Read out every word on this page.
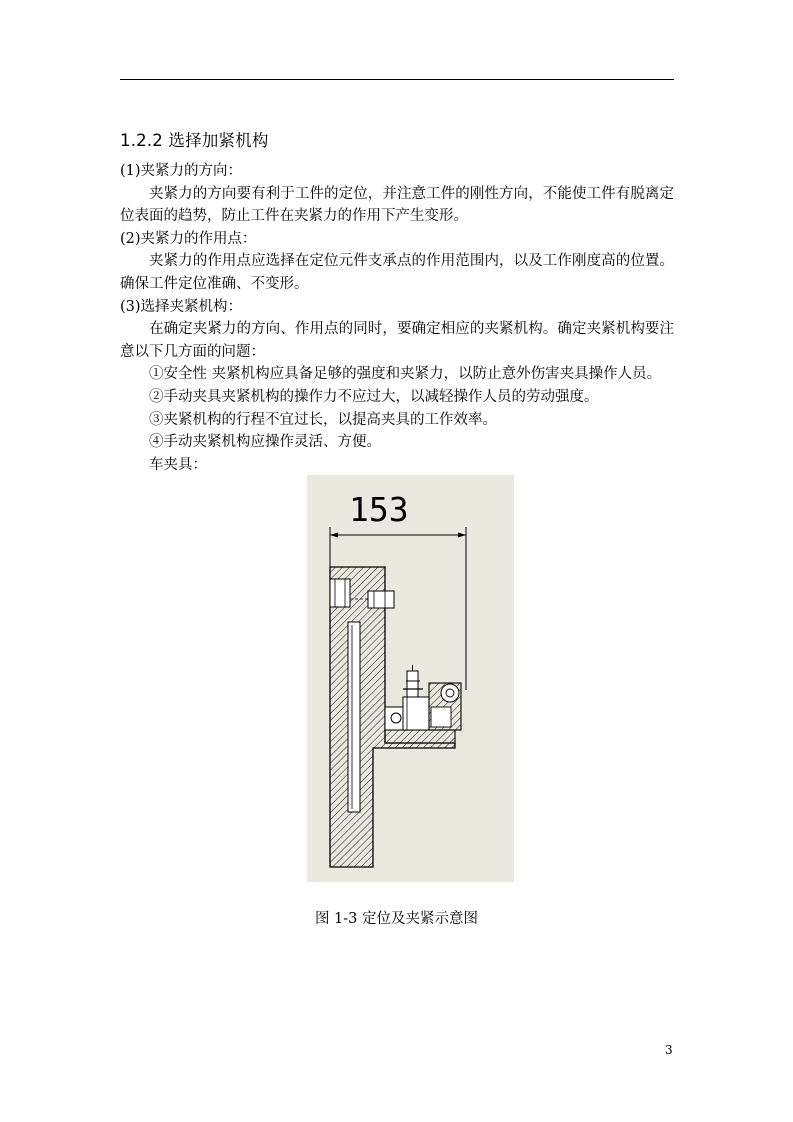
1.2.2 选择加紧机构

(1)夹紧力的方向：

夹紧力的方向要有利于工件的定位，并注意工件的刚性方向，不能使工件有脱离定位表面的趋势，防止工件在夹紧力的作用下产生变形。

(2)夹紧力的作用点：

夹紧力的作用点应选择在定位元件支承点的作用范围内，以及工作刚度高的位置。确保工件定位准确、不变形。

(3)选择夹紧机构：

在确定夹紧力的方向、作用点的同时，要确定相应的夹紧机构。确定夹紧机构要注意以下几方面的问题：

①安全性 夹紧机构应具备足够的强度和夹紧力，以防止意外伤害夹具操作人员。

②手动夹具夹紧机构的操作力不应过大，以减轻操作人员的劳动强度。

③夹紧机构的行程不宜过长，以提高夹具的工作效率。

④手动夹紧机构应操作灵活、方便。

车夹具：

153
图 1-3 定位及夹紧示意图
3
